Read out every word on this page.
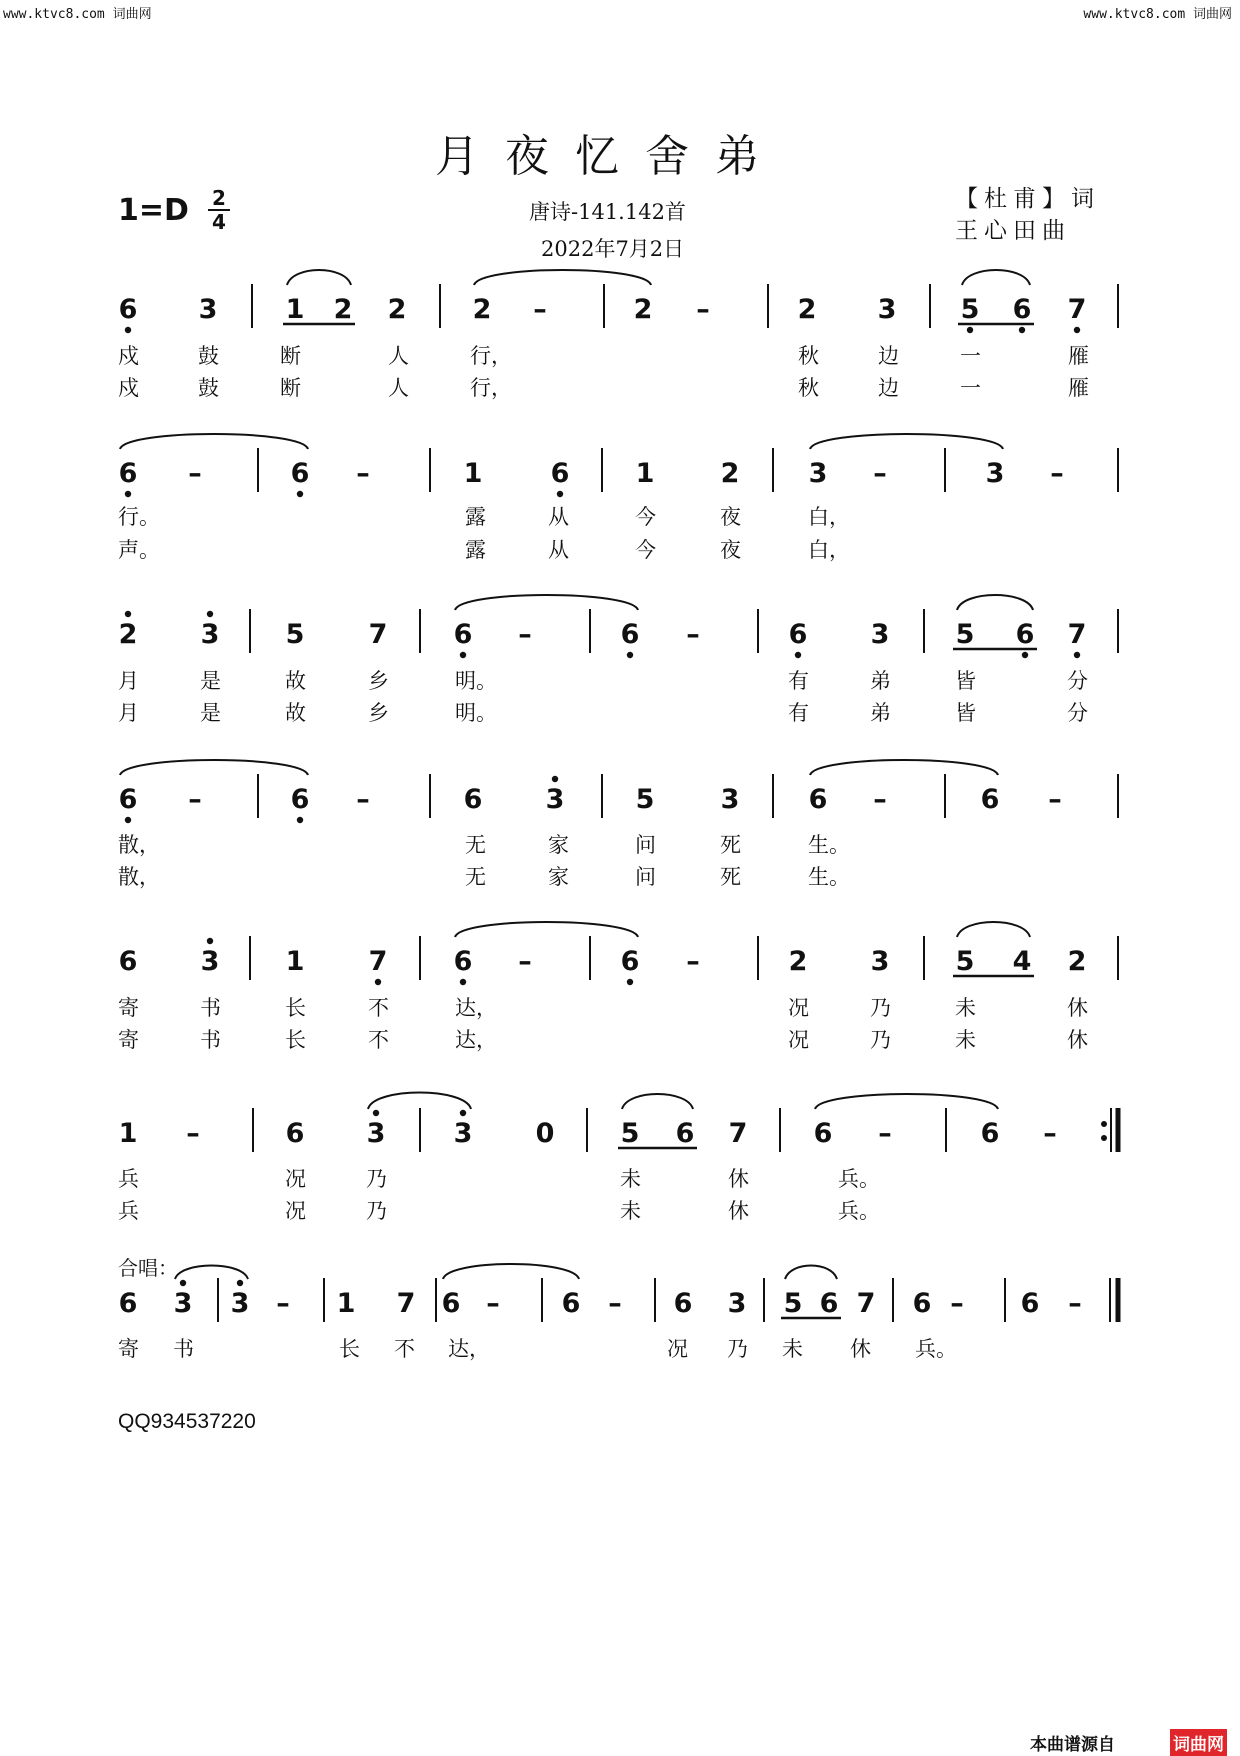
www.ktvc8.com 词曲网	www.ktvc8.com 词曲网
月夜忆舍弟
1=D 2
4	唐诗-141.142首
2022年7月2日
【杜甫】词
王心田曲
合唱：
QQ934537220
本曲谱源自	词曲网
6 3	1 2 2 2 –	2 –	2 3 5 6 7
戍	鼓	断	人	行，	秋	边	一	雁
戍	鼓	断	人	行，	秋	边	一	雁
6 –	6 –	1	6 1 2	3 –	3 –
行。	露	从	今	夜	白，
声。	露	从	今	夜	白，
2 3 5 7 6 –	6 –	6 3 5 6 7
月	是	故	乡	明。	有	弟	皆	分
月	是	故	乡	明。	有	弟	皆	分
6 –	6 –	6 3	5 3	6 –	6 –
散，	无	家	问	死	生。
散，	无	家	问	死	生。
6 3 1 7 6 –	6 –	2 3 5 4 2
寄	书	长	不	达，	况	乃	未	休
寄	书	长	不	达，	况	乃	未	休
1 –	6 3	3 0 5 6 7 6 –	6 –
兵	况	乃	未	休	兵。
兵	况	乃	未	休	兵。
6 3 3 – 1 7 6 – 6 – 6 3 5 6 7 6 – 6 –
寄 书	长 不 达，	况 乃 未 休 兵。
